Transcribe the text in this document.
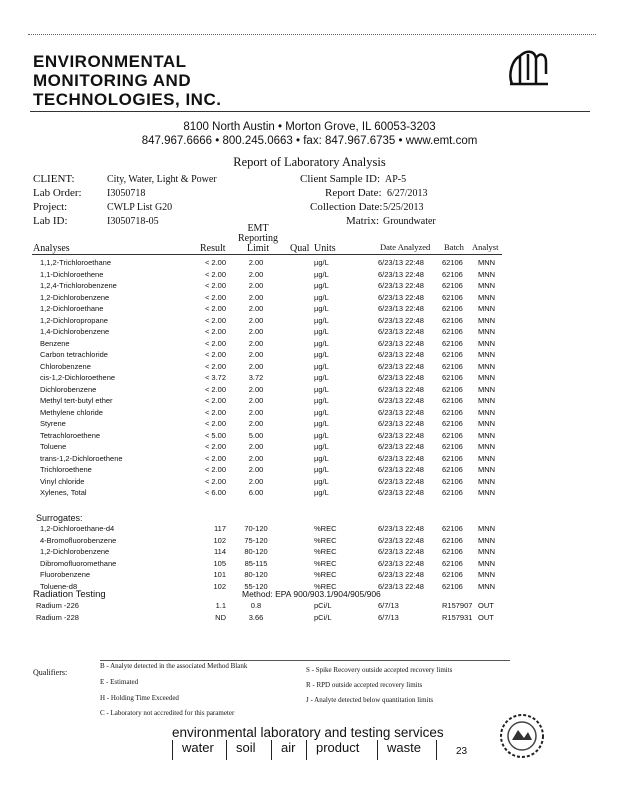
ENVIRONMENTAL
MONITORING AND
TECHNOLOGIES, INC.
8100 North Austin • Morton Grove, IL 60053-3203
847.967.6666 • 800.245.0663 • fax: 847.967.6735 • www.emt.com
Report of Laboratory Analysis
CLIENT:	City, Water, Light & Power
Lab Order:	I3050718
Project:	CWLP List G20
Lab ID:	I3050718-05
Client Sample ID: AP-5
Report Date: 6/27/2013
Collection Date: 5/25/2013
Matrix: Groundwater
Analyses	Result
EMT
Reporting
Limit	Qual Units	Date Analyzed Batch Analyst
1,1,2-Trichloroethane	< 2.00	2.00	µg/L	6/23/13 22:48 62106 MNN
1,1-Dichloroethene	< 2.00	2.00	µg/L	6/23/13 22:48 62106 MNN
1,2,4-Trichlorobenzene	< 2.00	2.00	µg/L	6/23/13 22:48 62106 MNN
1,2-Dichlorobenzene	< 2.00	2.00	µg/L	6/23/13 22:48 62106 MNN
1,2-Dichloroethane	< 2.00	2.00	µg/L	6/23/13 22:48 62106 MNN
1,2-Dichloropropane	< 2.00	2.00	µg/L	6/23/13 22:48 62106 MNN
1,4-Dichlorobenzene	< 2.00	2.00	µg/L	6/23/13 22:48 62106 MNN
Benzene	< 2.00	2.00	µg/L	6/23/13 22:48 62106 MNN
Carbon tetrachloride	< 2.00	2.00	µg/L	6/23/13 22:48 62106 MNN
Chlorobenzene	< 2.00	2.00	µg/L	6/23/13 22:48 62106 MNN
cis-1,2-Dichloroethene	< 3.72	3.72	µg/L	6/23/13 22:48 62106 MNN
Dichlorobenzene	< 2.00	2.00	µg/L	6/23/13 22:48 62106 MNN
Methyl tert-butyl ether	< 2.00	2.00	µg/L	6/23/13 22:48 62106 MNN
Methylene chloride	< 2.00	2.00	µg/L	6/23/13 22:48 62106 MNN
Styrene	< 2.00	2.00	µg/L	6/23/13 22:48 62106 MNN
Tetrachloroethene	< 5.00	5.00	µg/L	6/23/13 22:48 62106 MNN
Toluene	< 2.00	2.00	µg/L	6/23/13 22:48 62106 MNN
trans-1,2-Dichloroethene	< 2.00	2.00	µg/L	6/23/13 22:48 62106 MNN
Trichloroethene	< 2.00	2.00	µg/L	6/23/13 22:48 62106 MNN
Vinyl chloride	< 2.00	2.00	µg/L	6/23/13 22:48 62106 MNN
Xylenes, Total	< 6.00	6.00	µg/L	6/23/13 22:48 62106 MNN
Surrogates:
1,2-Dichloroethane-d4	117	70-120	%REC	6/23/13 22:48 62106 MNN
4-Bromofluorobenzene	102	75-120	%REC	6/23/13 22:48 62106 MNN
1,2-Dichlorobenzene	114	80-120	%REC	6/23/13 22:48 62106 MNN
Dibromofluoromethane	105	85-115	%REC	6/23/13 22:48 62106 MNN
Fluorobenzene	101	80-120	%REC	6/23/13 22:48 62106 MNN
Toluene-d8	102	55-120	%REC	6/23/13 22:48 62106 MNN
Radiation Testing	Method: EPA 900/903.1/904/905/906
Radium -226	1.1	0.8	pCi/L	6/7/13	R157907 OUT
Radium -228	ND	3.66	pCi/L	6/7/13	R157931 OUT
Qualifiers:
B - Analyte detected in the associated Method Blank
E - Estimated
H - Holding Time Exceeded
C - Laboratory not accredited for this parameter
S - Spike Recovery outside accepted recovery limits
R - RPD outside accepted recovery limits
J - Analyte detected below quantitation limits
environmental laboratory and testing services
water soil air product waste	23
